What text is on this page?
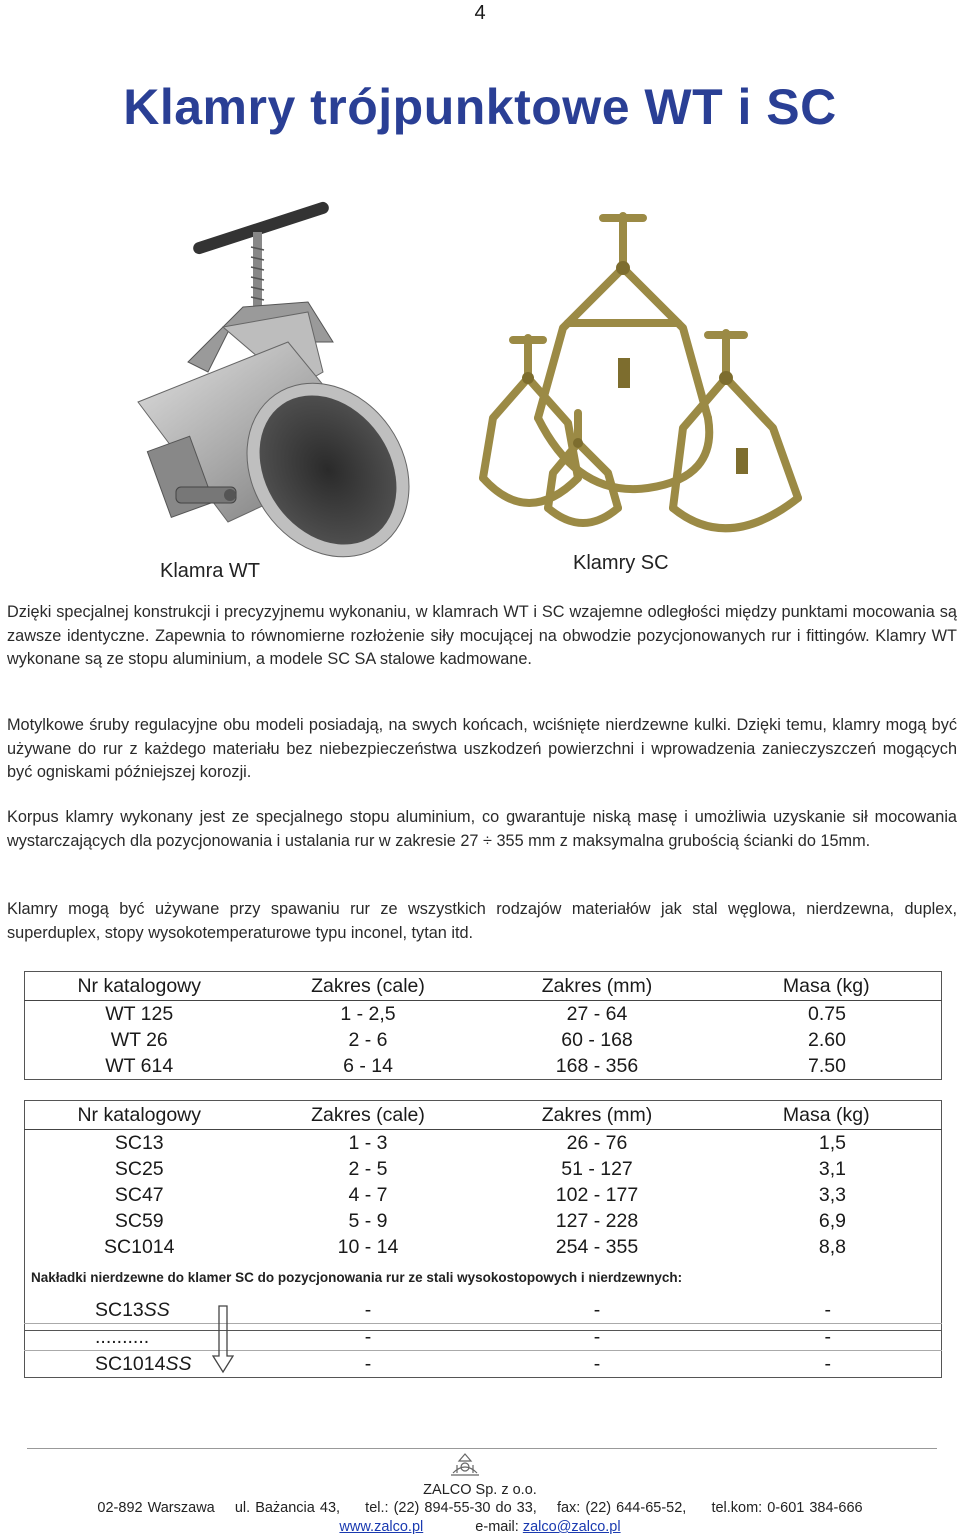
4
Klamry trójpunktowe WT i SC
Klamra WT	Klamry SC

Dzięki specjalnej konstrukcji i precyzyjnemu wykonaniu, w klamrach WT i SC wzajemne odległości między punktami mocowania są zawsze identyczne. Zapewnia to równomierne rozłożenie siły mocującej na obwodzie pozycjonowanych rur i fittingów. Klamry WT wykonane są ze stopu aluminium, a modele SC SA stalowe kadmowane.

Motylkowe śruby regulacyjne obu modeli posiadają, na swych końcach, wciśnięte nierdzewne kulki. Dzięki temu, klamry mogą być używane do rur z każdego materiału bez niebezpieczeństwa uszkodzeń powierzchni i wprowadzenia zanieczyszczeń mogących być ogniskami późniejszej korozji.

Korpus klamry wykonany jest ze specjalnego stopu aluminium, co gwarantuje niską masę i umożliwia uzyskanie sił mocowania wystarczających dla pozycjonowania i ustalania rur w zakresie 27 ÷ 355 mm z maksymalna grubością ścianki do 15mm.

Klamry mogą być używane przy spawaniu rur ze wszystkich rodzajów materiałów jak stal węglowa, nierdzewna, duplex, superduplex, stopy wysokotemperaturowe typu inconel, tytan itd.

Nr katalogowy	Zakres (cale)	Zakres (mm)	Masa (kg)
WT 125	1 - 2,5	27 - 64	0.75
WT 26	2 - 6	60 - 168	2.60
WT 614	6 - 14	168 - 356	7.50
Nr katalogowy	Zakres (cale)	Zakres (mm)	Masa (kg)
SC13	1 - 3	26 - 76	1,5
SC25	2 - 5	51 - 127	3,1
SC47	4 - 7	102 - 177	3,3
SC59	5 - 9	127 - 228	6,9
SC1014	10 - 14	254 - 355	8,8

Nakładki nierdzewne do klamer SC do pozycjonowania rur ze stali wysokostopowych i nierdzewnych:
SC13SS	-	-	-
..........	-	-	-
SC1014SS	-	-	-
ZALCO Sp. z o.o.
02-892 Warszawa    ul. Bażancia 43,     tel.: (22) 894-55-30 do 33,    fax: (22) 644-65-52,     tel.kom: 0-601 384-666
www.zalco.pl	e-mail: zalco@zalco.pl
